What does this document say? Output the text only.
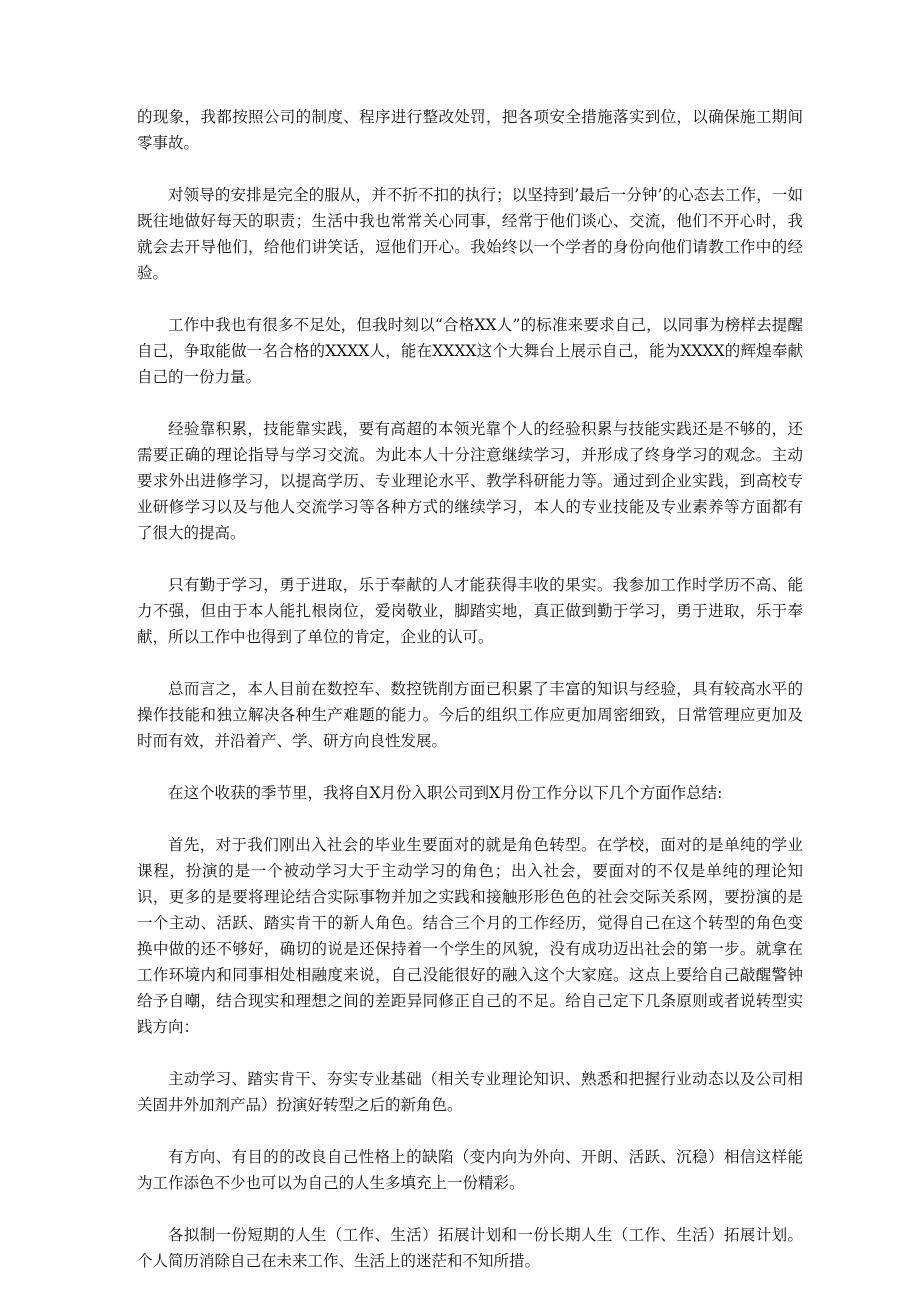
的现象，我都按照公司的制度、程序进行整改处罚，把各项安全措施落实到位，以确保施工期间零事故。

对领导的安排是完全的服从，并不折不扣的执行；以坚持到’最后一分钟’的心态去工作，一如既往地做好每天的职责；生活中我也常常关心同事，经常于他们谈心、交流，他们不开心时，我就会去开导他们，给他们讲笑话，逗他们开心。我始终以一个学者的身份向他们请教工作中的经验。

工作中我也有很多不足处，但我时刻以“合格XX人”的标准来要求自己，以同事为榜样去提醒自己，争取能做一名合格的XXXX人，能在XXXX这个大舞台上展示自己，能为XXXX的辉煌奉献自己的一份力量。

经验靠积累，技能靠实践，要有高超的本领光靠个人的经验积累与技能实践还是不够的，还需要正确的理论指导与学习交流。为此本人十分注意继续学习，并形成了终身学习的观念。主动要求外出进修学习，以提高学历、专业理论水平、教学科研能力等。通过到企业实践，到高校专业研修学习以及与他人交流学习等各种方式的继续学习，本人的专业技能及专业素养等方面都有了很大的提高。

只有勤于学习，勇于进取，乐于奉献的人才能获得丰收的果实。我参加工作时学历不高、能力不强，但由于本人能扎根岗位，爱岗敬业，脚踏实地，真正做到勤于学习，勇于进取，乐于奉献，所以工作中也得到了单位的肯定，企业的认可。

总而言之，本人目前在数控车、数控铣削方面已积累了丰富的知识与经验，具有较高水平的操作技能和独立解决各种生产难题的能力。今后的组织工作应更加周密细致，日常管理应更加及时而有效，并沿着产、学、研方向良性发展。

在这个收获的季节里，我将自X月份入职公司到X月份工作分以下几个方面作总结:

首先，对于我们刚出入社会的毕业生要面对的就是角色转型。在学校，面对的是单纯的学业课程，扮演的是一个被动学习大于主动学习的角色；出入社会，要面对的不仅是单纯的理论知识，更多的是要将理论结合实际事物并加之实践和接触形形色色的社会交际关系网，要扮演的是一个主动、活跃、踏实肯干的新人角色。结合三个月的工作经历，觉得自己在这个转型的角色变换中做的还不够好，确切的说是还保持着一个学生的风貌，没有成功迈出社会的第一步。就拿在工作环境内和同事相处相融度来说，自己没能很好的融入这个大家庭。这点上要给自己敲醒警钟给予自嘲，结合现实和理想之间的差距异同修正自己的不足。给自己定下几条原则或者说转型实践方向：

主动学习、踏实肯干、夯实专业基础（相关专业理论知识、熟悉和把握行业动态以及公司相关固井外加剂产品）扮演好转型之后的新角色。

有方向、有目的的改良自己性格上的缺陷（变内向为外向、开朗、活跃、沉稳）相信这样能为工作添色不少也可以为自己的人生多填充上一份精彩。

各拟制一份短期的人生（工作、生活）拓展计划和一份长期人生（工作、生活）拓展计划。个人简历消除自己在未来工作、生活上的迷茫和不知所措。
